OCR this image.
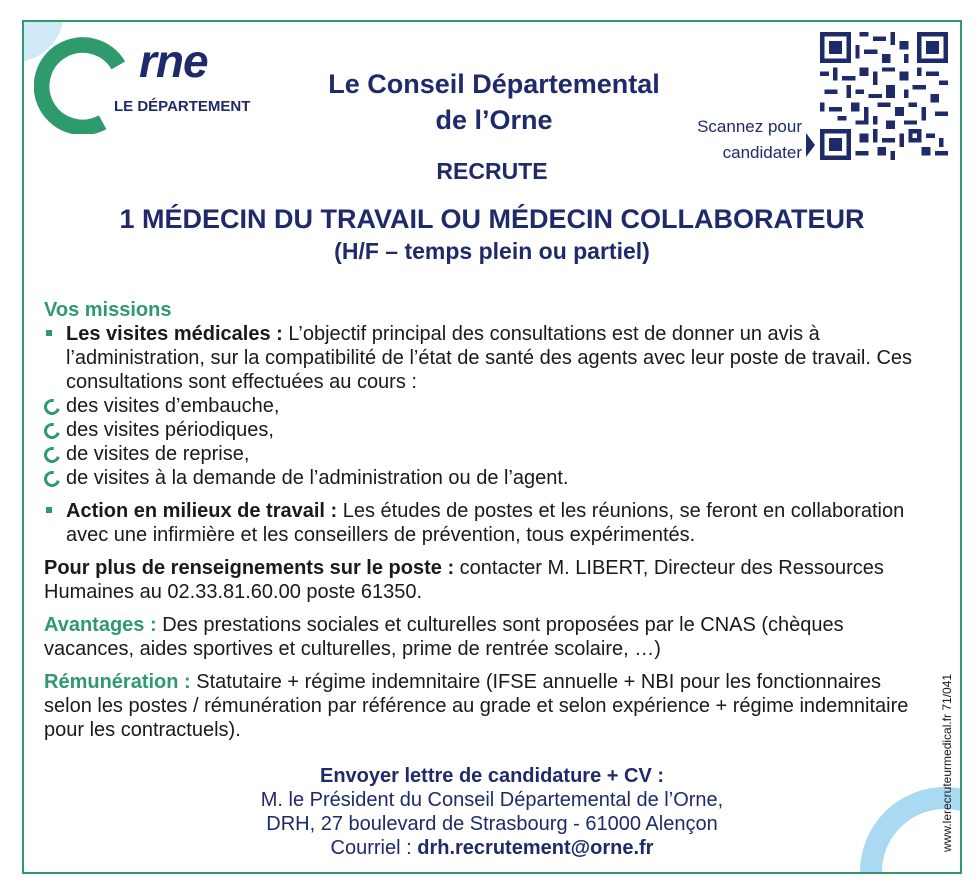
rne
LE DÉPARTEMENT
Le Conseil Départemental
de l’Orne	Scannez pour
candidater
RECRUTE
1 MÉDECIN DU TRAVAIL OU MÉDECIN COLLABORATEUR
(H/F – temps plein ou partiel)
Vos missions

Les visites médicales : L’objectif principal des consultations est de donner un avis à l’administration, sur la compatibilité de l’état de santé des agents avec leur poste de travail. Ces consultations sont effectuées au cours :

des visites d’embauche,

des visites périodiques,

de visites de reprise,

de visites à la demande de l’administration ou de l’agent.

Action en milieux de travail : Les études de postes et les réunions, se feront en collaboration avec une infirmière et les conseillers de prévention, tous expérimentés.

Pour plus de renseignements sur le poste : contacter M. LIBERT, Directeur des Ressources Humaines au 02.33.81.60.00 poste 61350.

Avantages : Des prestations sociales et culturelles sont proposées par le CNAS (chèques vacances, aides sportives et culturelles, prime de rentrée scolaire, …)

Rémunération : Statutaire + régime indemnitaire (IFSE annuelle + NBI pour les fonctionnaires selon les postes / rémunération par référence au grade et selon expérience + régime indemnitaire pour les contractuels).

Envoyer lettre de candidature + CV :
M. le Président du Conseil Départemental de l’Orne,
DRH, 27 boulevard de Strasbourg - 61000 Alençon
Courriel : drh.recrutement@orne.fr	www.lerecruteurmedical.fr 71/041
